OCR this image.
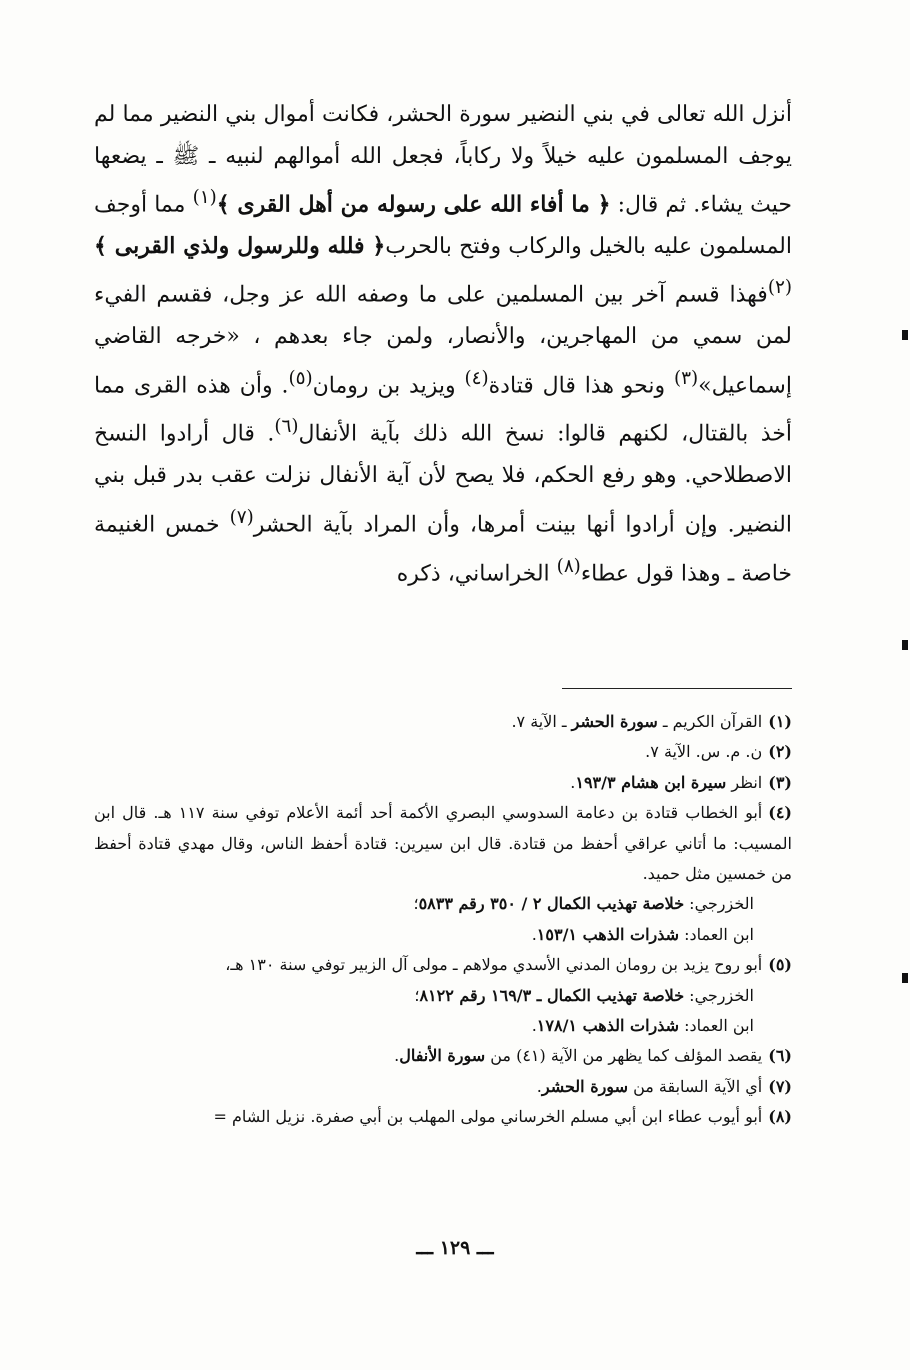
أنزل الله تعالى في بني النضير سورة الحشر، فكانت أموال بني النضير مما لم يوجف المسلمون عليه خيلاً ولا ركاباً، فجعل الله أموالهم لنبيه ـ ﷺ ـ يضعها حيث يشاء. ثم قال: ﴿ ما أفاء الله على رسوله من أهل القرى ﴾$^{(١)}$ مما أوجف المسلمون عليه بالخيل والركاب وفتح بالحرب﴿ فلله وللرسول ولذي القربى ﴾$^{(٢)}$فهذا قسم آخر بين المسلمين على ما وصفه الله عز وجل، فقسم الفيء لمن سمي من المهاجرين، والأنصار، ولمن جاء بعدهم ، «خرجه القاضي إسماعيل»$^{(٣)}$ ونحو هذا قال قتادة$^{(٤)}$ ويزيد بن رومان$^{(٥)}$. وأن هذه القرى مما أخذ بالقتال، لكنهم قالوا: نسخ الله ذلك بآية الأنفال$^{(٦)}$. قال أرادوا النسخ الاصطلاحي. وهو رفع الحكم، فلا يصح لأن آية الأنفال نزلت عقب بدر قبل بني النضير. وإن أرادوا أنها بينت أمرها، وأن المراد بآية الحشر$^{(٧)}$ خمس الغنيمة خاصة ـ وهذا قول عطاء$^{(٨)}$ الخراساني، ذكره

(١)القرآن الكريم ـ سورة الحشر ـ الآية ٧.

(٢)ن. م. س. الآية ٧.

(٣)انظر سيرة ابن هشام ١٩٣/٣.

(٤)أبو الخطاب قتادة بن دعامة السدوسي البصري الأكمة أحد أئمة الأعلام توفي سنة ١١٧ هـ. قال ابن المسيب: ما أتاني عراقي أحفظ من قتادة. قال ابن سيرين: قتادة أحفظ الناس، وقال مهدي قتادة أحفظ من خمسين مثل حميد.
الخزرجي: خلاصة تهذيب الكمال ٢ / ٣٥٠ رقم ٥٨٣٣؛
ابن العماد: شذرات الذهب ١٥٣/١.

(٥)أبو روح يزيد بن رومان المدني الأسدي مولاهم ـ مولى آل الزبير توفي سنة ١٣٠ هـ،
الخزرجي: خلاصة تهذيب الكمال ـ ١٦٩/٣ رقم ٨١٢٢؛
ابن العماد: شذرات الذهب ١٧٨/١.

(٦)يقصد المؤلف كما يظهر من الآية (٤١) من سورة الأنفال.

(٧)أي الآية السابقة من سورة الحشر.

(٨)أبو أيوب عطاء ابن أبي مسلم الخرساني مولى المهلب بن أبي صفرة. نزيل الشام =

ـــ ١٢٩ ـــ
